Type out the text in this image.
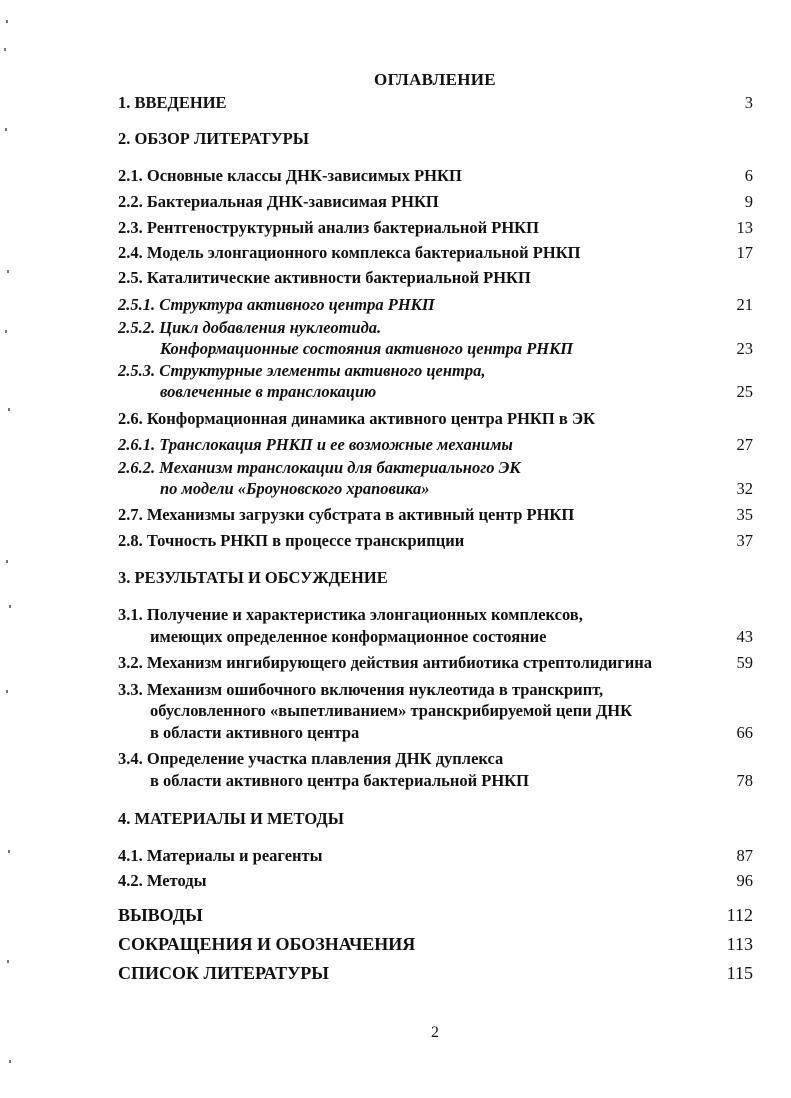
ОГЛАВЛЕНИЕ
1. ВВЕДЕНИЕ	3
2. ОБЗОР ЛИТЕРАТУРЫ
2.1. Основные классы ДНК-зависимых РНКП	6
2.2. Бактериальная ДНК-зависимая РНКП	9
2.3. Рентгеноструктурный анализ бактериальной РНКП	13
2.4. Модель элонгационного комплекса бактериальной РНКП	17
2.5. Каталитические активности бактериальной РНКП
2.5.1. Структура активного центра РНКП	21
2.5.2. Цикл добавления нуклеотида.
Конформационные состояния активного центра РНКП	23
2.5.3. Структурные элементы активного центра,
вовлеченные в транслокацию	25
2.6. Конформационная динамика активного центра РНКП в ЭК
2.6.1. Транслокация РНКП и ее возможные механимы	27
2.6.2. Механизм транслокации для бактериального ЭК
по модели «Броуновского храповика»	32
2.7. Механизмы загрузки субстрата в активный центр РНКП	35
2.8. Точность РНКП в процессе транскрипции	37
3. РЕЗУЛЬТАТЫ И ОБСУЖДЕНИЕ
3.1. Получение и характеристика элонгационных комплексов,
имеющих определенное конформационное состояние	43
3.2. Механизм ингибирующего действия антибиотика стрептолидигина	59
3.3. Механизм ошибочного включения нуклеотида в транскрипт,
обусловленного «выпетливанием» транскрибируемой цепи ДНК
в области активного центра	66
3.4. Определение участка плавления ДНК дуплекса
в области активного центра бактериальной РНКП	78
4. МАТЕРИАЛЫ И МЕТОДЫ
4.1. Материалы и реагенты	87
4.2. Методы	96
ВЫВОДЫ	112
СОКРАЩЕНИЯ И ОБОЗНАЧЕНИЯ	113
СПИСОК ЛИТЕРАТУРЫ	115
2
